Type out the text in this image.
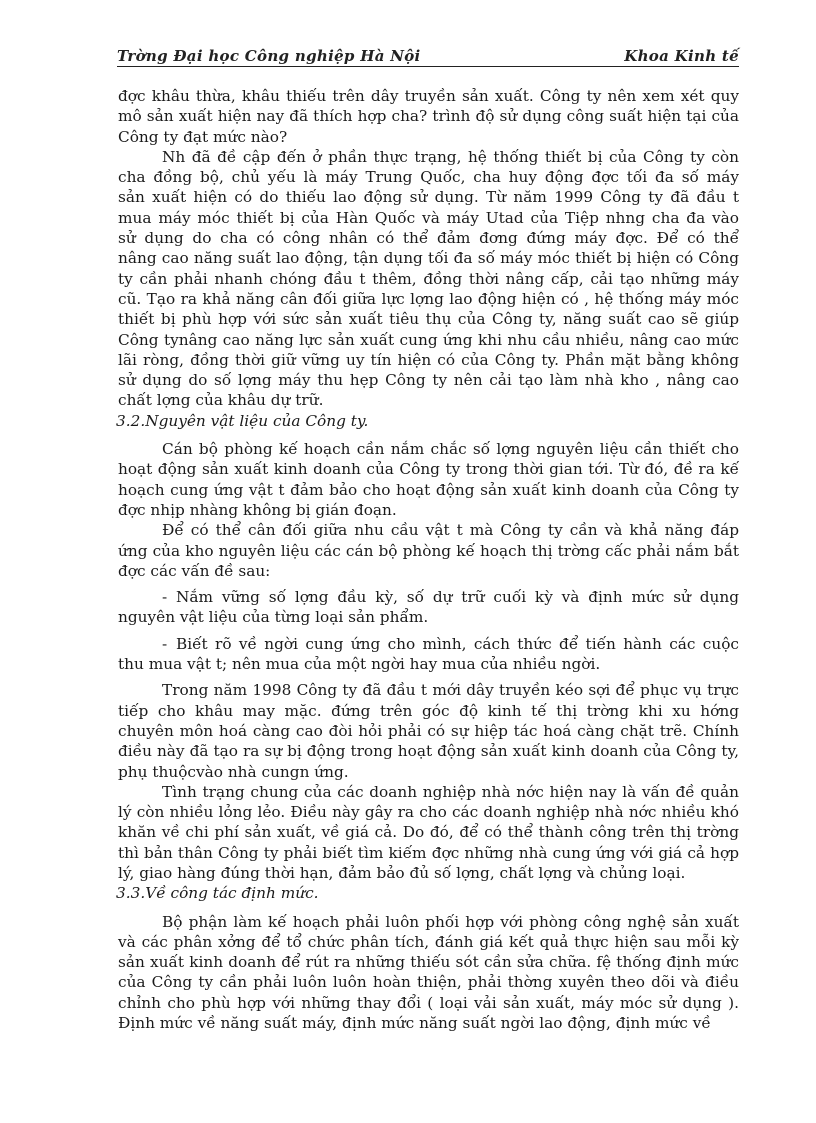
Trờng Đại học Công nghiệp Hà Nội	Khoa Kinh tế
đợc khâu thừa, khâu thiếu trên dây truyền sản xuất. Công ty nên xem xét quy
mô sản xuất hiện nay đã thích hợp cha? trình độ sử dụng công suất hiện tại của
Công ty đạt mức nào?
Nh đã đề cập đến ở phần thực trạng, hệ thống thiết bị của Công ty còn
cha đồng bộ, chủ yếu là máy Trung Quốc, cha huy động đợc tối đa số máy
sản xuất hiện có do thiếu lao động sử dụng. Từ năm 1999 Công ty đã đầu t
mua máy móc thiết bị của Hàn Quốc và máy Utad của Tiệp nhng cha đa vào
sử dụng do cha có công nhân có thể đảm đơng đứng máy đợc. Để có thể
nâng cao năng suất lao động, tận dụng tối đa số máy móc thiết bị hiện có Công
ty cần phải nhanh chóng đầu t thêm, đồng thời nâng cấp, cải tạo những máy
cũ. Tạo ra khả năng cân đối giữa lực lợng lao động hiện có , hệ thống máy móc
thiết bị phù hợp với sức sản xuất tiêu thụ của Công ty, năng suất cao sẽ giúp
Công tynâng cao năng lực sản xuất cung ứng khi nhu cầu nhiều, nâng cao mức
lãi ròng, đồng thời giữ vững uy tín hiện có của Công ty. Phần mặt bằng không
sử dụng do số lợng máy thu hẹp Công ty nên cải tạo làm nhà kho , nâng cao
chất lợng của khâu dự trữ.
3.2.Nguyên vật liệu của Công ty.
Cán bộ phòng kế hoạch cần nắm chắc số lợng nguyên liệu cần thiết cho
hoạt động sản xuất kinh doanh của Công ty trong thời gian tới. Từ đó, đề ra kế
hoạch cung ứng vật t đảm bảo cho hoạt động sản xuất kinh doanh của Công ty
đợc nhịp nhàng không bị gián đoạn.
Để có thể cân đối giữa nhu cầu vật t mà Công ty cần và khả năng đáp
ứng của kho nguyên liệu các cán bộ phòng kế hoạch thị trờng cấc phải nắm bắt
đợc các vấn đề sau:
- Nắm vững số lợng đầu kỳ, số dự trữ cuối kỳ và định mức sử dụng
nguyên vật liệu của từng loại sản phẩm.
- Biết rõ về ngời cung ứng cho mình, cách thức để tiến hành các cuộc
thu mua vật t; nên mua của một ngời hay mua của nhiều ngời.
Trong năm 1998 Công ty đã đầu t mới dây truyền kéo sợi để phục vụ trực
tiếp cho khâu may mặc. đứng trên góc độ kinh tế thị trờng khi xu hớng
chuyên môn hoá càng cao đòi hỏi phải có sự hiệp tác hoá càng chặt trẽ. Chính
điều này đã tạo ra sự bị động trong hoạt động sản xuất kinh doanh của Công ty,
phụ thuộcvào nhà cungn ứng.
Tình trạng chung của các doanh nghiệp nhà nớc hiện nay là vấn đề quản
lý còn nhiều lỏng lẻo. Điều này gây ra cho các doanh nghiệp nhà nớc nhiều khó
khăn về chi phí sản xuất, về giá cả. Do đó, để có thể thành công trên thị trờng
thì bản thân Công ty phải biết tìm kiếm đợc những nhà cung ứng với giá cả hợp
lý, giao hàng đúng thời hạn, đảm bảo đủ số lợng, chất lợng và chủng loại.
3.3.Về công tác định mức.
Bộ phận làm kế hoạch phải luôn phối hợp với phòng công nghệ sản xuất
và các phân xởng để tổ chức phân tích, đánh giá kết quả thực hiện sau mỗi kỳ
sản xuất kinh doanh để rút ra những thiếu sót cần sửa chữa. fệ thống định mức
của Công ty cần phải luôn luôn hoàn thiện, phải thờng xuyên theo dõi và điều
chỉnh cho phù hợp với những thay đổi ( loại vải sản xuất, máy móc sử dụng ).
Định mức về năng suất máy, định mức năng suất ngời lao động, định mức về
